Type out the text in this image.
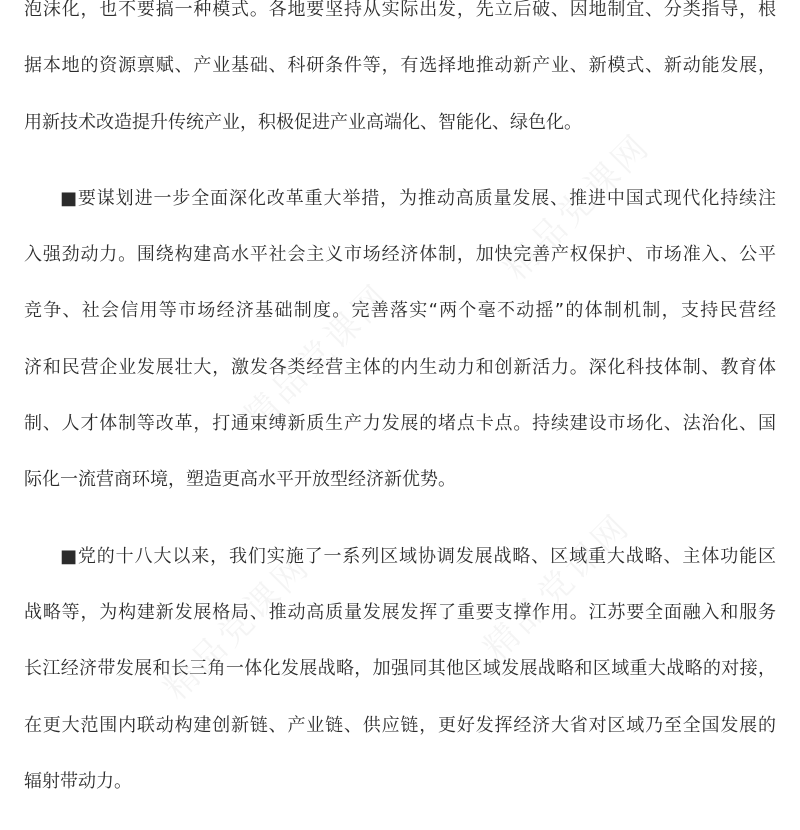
泡沫化，也不要搞一种模式。各地要坚持从实际出发，先立后破、因地制宜、分类指导，根
据本地的资源禀赋、产业基础、科研条件等，有选择地推动新产业、新模式、新动能发展，
用新技术改造提升传统产业，积极促进产业高端化、智能化、绿色化。
■要谋划进一步全面深化改革重大举措，为推动高质量发展、推进中国式现代化持续注
入强劲动力。围绕构建高水平社会主义市场经济体制，加快完善产权保护、市场准入、公平
竞争、社会信用等市场经济基础制度。完善落实“两个毫不动摇”的体制机制，支持民营经
济和民营企业发展壮大，激发各类经营主体的内生动力和创新活力。深化科技体制、教育体
制、人才体制等改革，打通束缚新质生产力发展的堵点卡点。持续建设市场化、法治化、国
际化一流营商环境，塑造更高水平开放型经济新优势。
■党的十八大以来，我们实施了一系列区域协调发展战略、区域重大战略、主体功能区
战略等，为构建新发展格局、推动高质量发展发挥了重要支撑作用。江苏要全面融入和服务
长江经济带发展和长三角一体化发展战略，加强同其他区域发展战略和区域重大战略的对接，
在更大范围内联动构建创新链、产业链、供应链，更好发挥经济大省对区域乃至全国发展的
辐射带动力。
